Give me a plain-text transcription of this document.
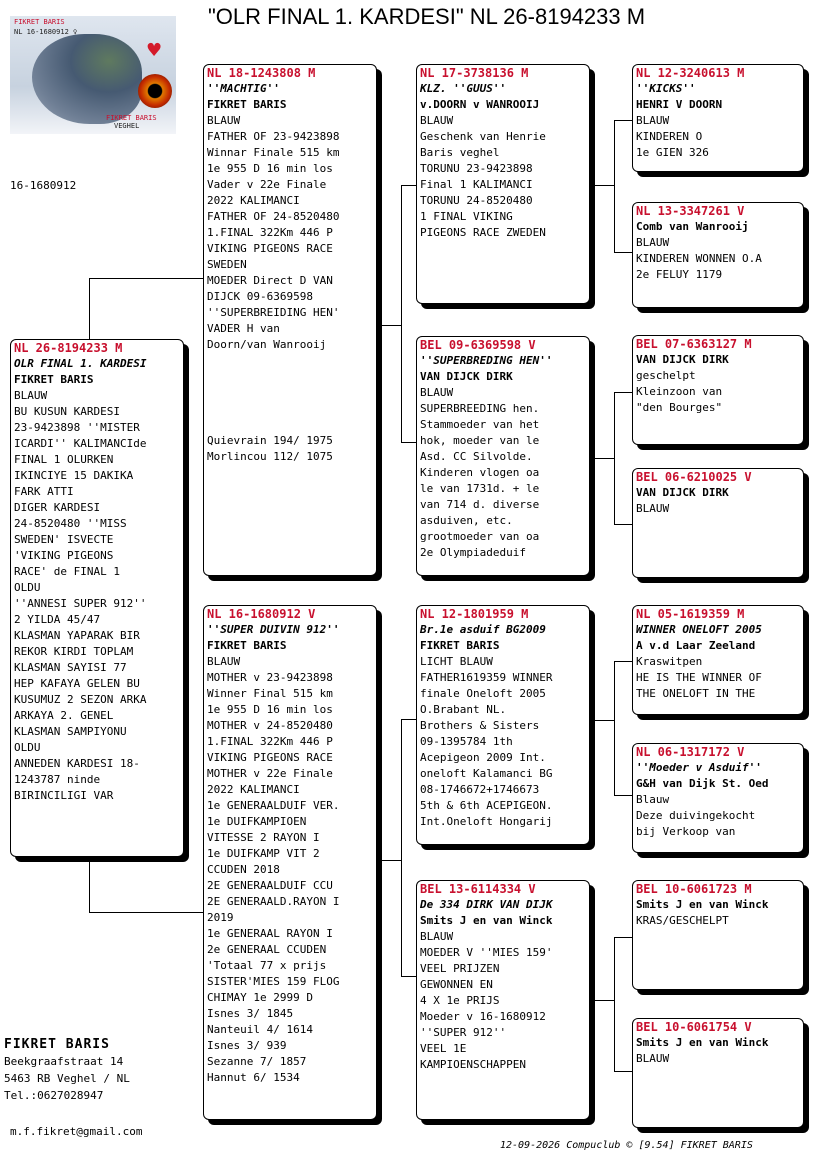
"OLR FINAL 1. KARDESI" NL 26-8194233 M
♥
FIKRET BARIS
NL 16-1680912 ♀
FIKRET BARIS
VEGHEL
16-1680912
NL 26-8194233 M
OLR FINAL 1. KARDESI
FIKRET BARIS
BLAUW
BU KUSUN KARDESI
23-9423898 ''MISTER
ICARDI'' KALIMANCIde
FINAL 1 OLURKEN
IKINCIYE 15 DAKIKA
FARK ATTI
DIGER KARDESI
24-8520480 ''MISS
SWEDEN' ISVECTE
'VIKING PIGEONS
RACE' de FINAL 1
OLDU
''ANNESI SUPER 912''
2 YILDA 45/47
KLASMAN YAPARAK BIR
REKOR KIRDI TOPLAM
KLASMAN SAYISI 77
HEP KAFAYA GELEN BU
KUSUMUZ 2 SEZON ARKA
ARKAYA 2. GENEL
KLASMAN SAMPIYONU
OLDU
ANNEDEN KARDESI 18-
1243787 ninde
BIRINCILIGI VAR
NL 18-1243808 M
''MACHTIG''
FIKRET BARIS
BLAUW
FATHER OF 23-9423898
Winnar Finale 515 km
1e 955 D 16 min los
Vader v 22e Finale
2022 KALIMANCI
FATHER OF 24-8520480
1.FINAL 322Km 446 P
VIKING PIGEONS RACE
SWEDEN
MOEDER Direct D VAN
DIJCK 09-6369598
''SUPERBREIDING HEN'
VADER H van
Doorn/van Wanrooij
Quievrain 194/ 1975
Morlincou 112/ 1075
NL 16-1680912 V
''SUPER DUIVIN 912''
FIKRET BARIS
BLAUW
MOTHER v 23-9423898
Winner Final 515 km
1e 955 D 16 min los
MOTHER v 24-8520480
1.FINAL 322Km 446 P
VIKING PIGEONS RACE
MOTHER v 22e Finale
2022 KALIMANCI
1e GENERAALDUIF VER.
1e DUIFKAMPIOEN
VITESSE 2 RAYON I
1e DUIFKAMP VIT 2
CCUDEN 2018
2E GENERAALDUIF CCU
2E GENERAALD.RAYON I
2019
1e GENERAAL RAYON I
2e GENERAAL CCUDEN
'Totaal 77 x prijs
SISTER'MIES 159 FLOG
CHIMAY 1e 2999 D
Isnes 3/ 1845
Nanteuil 4/ 1614
Isnes 3/ 939
Sezanne 7/ 1857
Hannut 6/ 1534
NL 17-3738136 M
KLZ. ''GUUS''
v.DOORN v WANROOIJ
BLAUW
Geschenk van Henrie
Baris veghel
TORUNU 23-9423898
Final 1 KALIMANCI
TORUNU 24-8520480
1 FINAL VIKING
PIGEONS RACE ZWEDEN
BEL 09-6369598 V
''SUPERBREDING HEN''
VAN DIJCK DIRK
BLAUW
SUPERBREEDING hen.
Stammoeder van het
hok, moeder van le
Asd. CC Silvolde.
Kinderen vlogen oa
le van 1731d. + le
van 714 d. diverse
asduiven, etc.
grootmoeder van oa
2e Olympiadeduif
NL 12-1801959 M
Br.1e asduif BG2009
FIKRET BARIS
LICHT BLAUW
FATHER1619359 WINNER
finale Oneloft 2005
O.Brabant NL.
Brothers & Sisters
09-1395784 1th
Acepigeon 2009 Int.
oneloft Kalamanci BG
08-1746672+1746673
5th & 6th ACEPIGEON.
Int.Oneloft Hongarij
BEL 13-6114334 V
De 334 DIRK VAN DIJK
Smits J en van Winck
BLAUW
MOEDER V ''MIES 159'
VEEL PRIJZEN
GEWONNEN EN
4 X 1e PRIJS
Moeder v 16-1680912
''SUPER 912''
VEEL 1E
KAMPIOENSCHAPPEN
NL 12-3240613 M
''KICKS''
HENRI V DOORN
BLAUW
KINDEREN O
1e GIEN 326
NL 13-3347261 V
Comb van Wanrooij
BLAUW
KINDEREN WONNEN O.A
2e FELUY 1179
BEL 07-6363127 M
VAN DIJCK DIRK
geschelpt
Kleinzoon van
"den Bourges"
BEL 06-6210025 V
VAN DIJCK DIRK
BLAUW
NL 05-1619359 M
WINNER ONELOFT 2005
A v.d Laar Zeeland
Kraswitpen
HE IS THE WINNER OF
THE ONELOFT IN THE
NL 06-1317172 V
''Moeder v Asduif''
G&H van Dijk St. Oed
Blauw
Deze duivingekocht
bij Verkoop van
BEL 10-6061723 M
Smits J en van Winck
KRAS/GESCHELPT
BEL 10-6061754 V
Smits J en van Winck
BLAUW
FIKRET BARIS
Beekgraafstraat 14
5463 RB Veghel / NL
Tel.:0627028947
m.f.fikret@gmail.com
12-09-2026 Compuclub © [9.54] FIKRET BARIS
